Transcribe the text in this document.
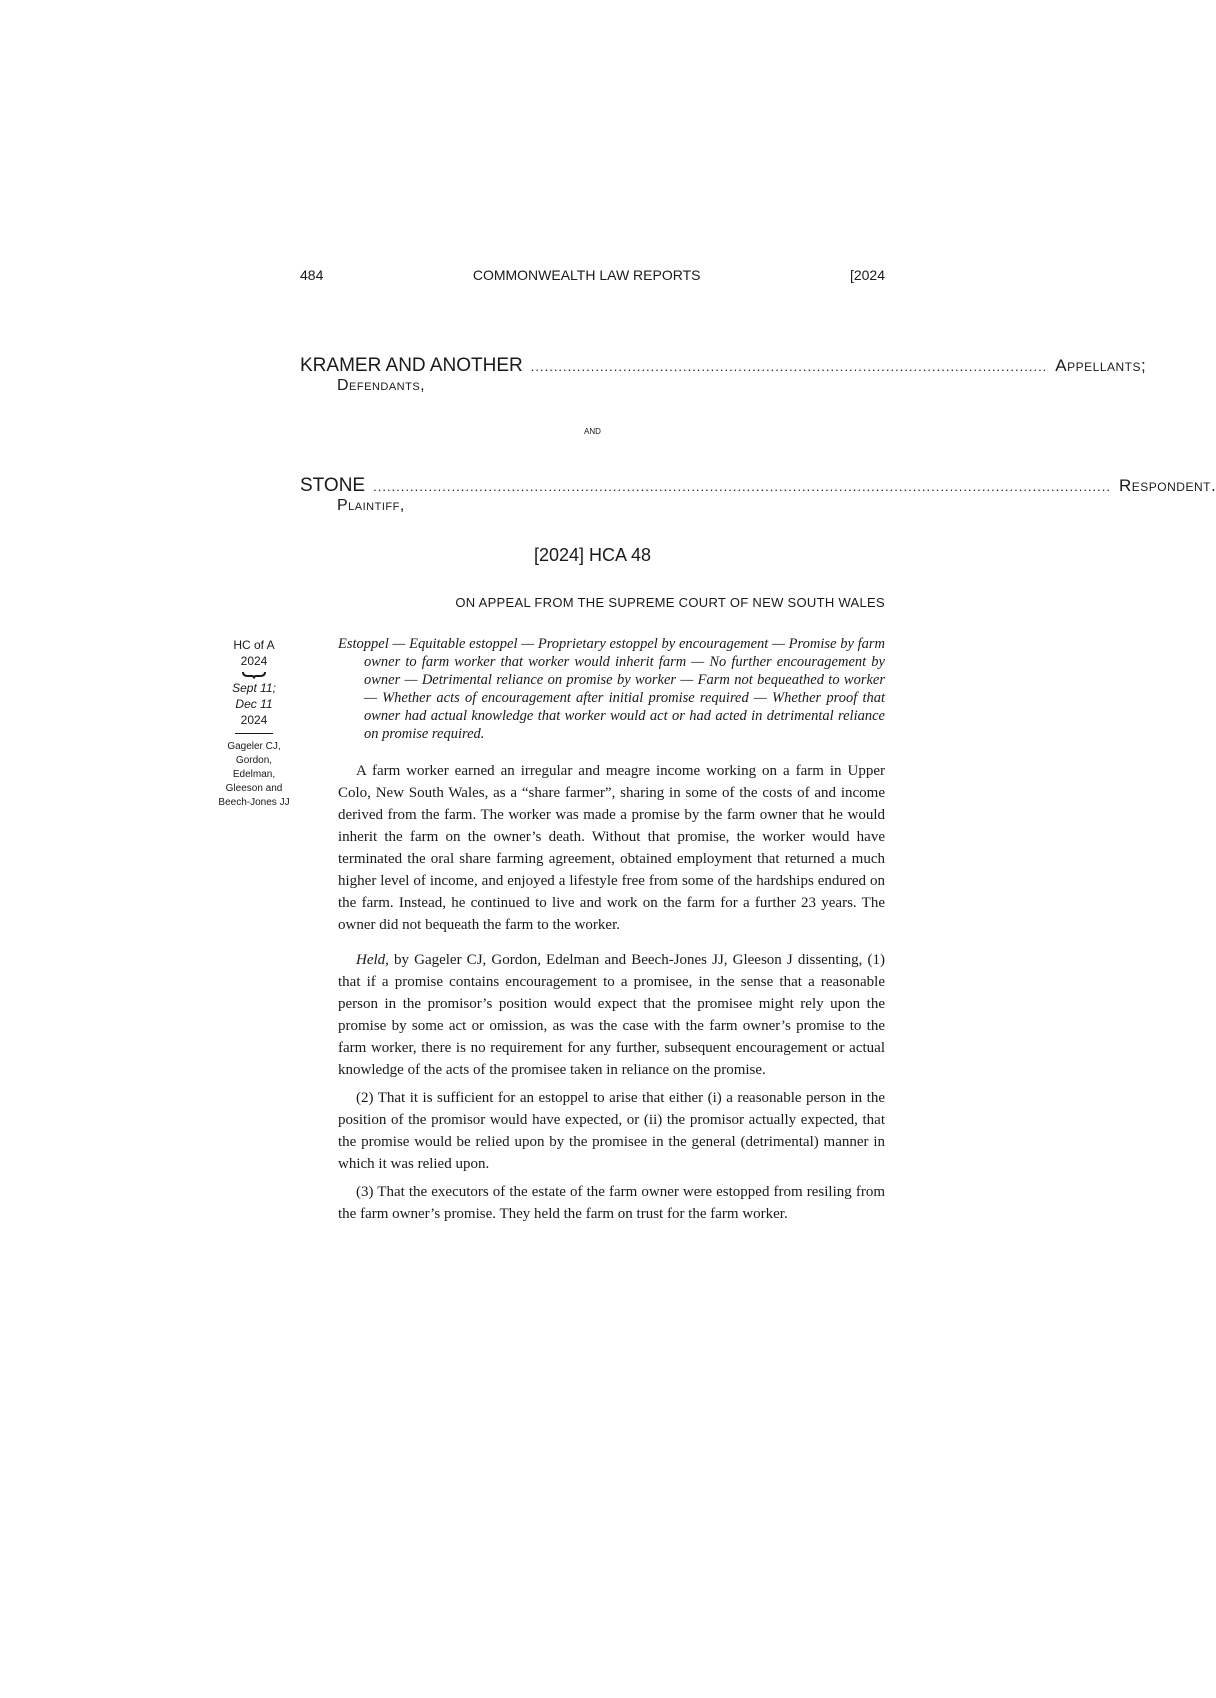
484	COMMONWEALTH LAW REPORTS	[2024
KRAMER AND ANOTHER ................................................................................................................ Appellants;
Defendants,
and
STONE ................................................................................................................................................................ Respondent.
Plaintiff,
[2024] HCA 48
ON APPEAL FROM THE SUPREME COURT OF NEW SOUTH WALES
HC of A
2024
Sept 11;
Dec 11
2024
Gageler CJ,
Gordon,
Edelman,
Gleeson and
Beech-Jones JJ

Estoppel — Equitable estoppel — Proprietary estoppel by encouragement — Promise by farm owner to farm worker that worker would inherit farm — No further encouragement by owner — Detrimental reliance on promise by worker — Farm not bequeathed to worker — Whether acts of encouragement after initial promise required — Whether proof that owner had actual knowledge that worker would act or had acted in detrimental reliance on promise required.

A farm worker earned an irregular and meagre income working on a farm in Upper Colo, New South Wales, as a “share farmer”, sharing in some of the costs of and income derived from the farm. The worker was made a promise by the farm owner that he would inherit the farm on the owner’s death. Without that promise, the worker would have terminated the oral share farming agreement, obtained employment that returned a much higher level of income, and enjoyed a lifestyle free from some of the hardships endured on the farm. Instead, he continued to live and work on the farm for a further 23 years. The owner did not bequeath the farm to the worker.

Held, by Gageler CJ, Gordon, Edelman and Beech-Jones JJ, Gleeson J dissenting, (1) that if a promise contains encouragement to a promisee, in the sense that a reasonable person in the promisor’s position would expect that the promisee might rely upon the promise by some act or omission, as was the case with the farm owner’s promise to the farm worker, there is no requirement for any further, subsequent encouragement or actual knowledge of the acts of the promisee taken in reliance on the promise.

(2) That it is sufficient for an estoppel to arise that either (i) a reasonable person in the position of the promisor would have expected, or (ii) the promisor actually expected, that the promise would be relied upon by the promisee in the general (detrimental) manner in which it was relied upon.

(3) That the executors of the estate of the farm owner were estopped from resiling from the farm owner’s promise. They held the farm on trust for the farm worker.
